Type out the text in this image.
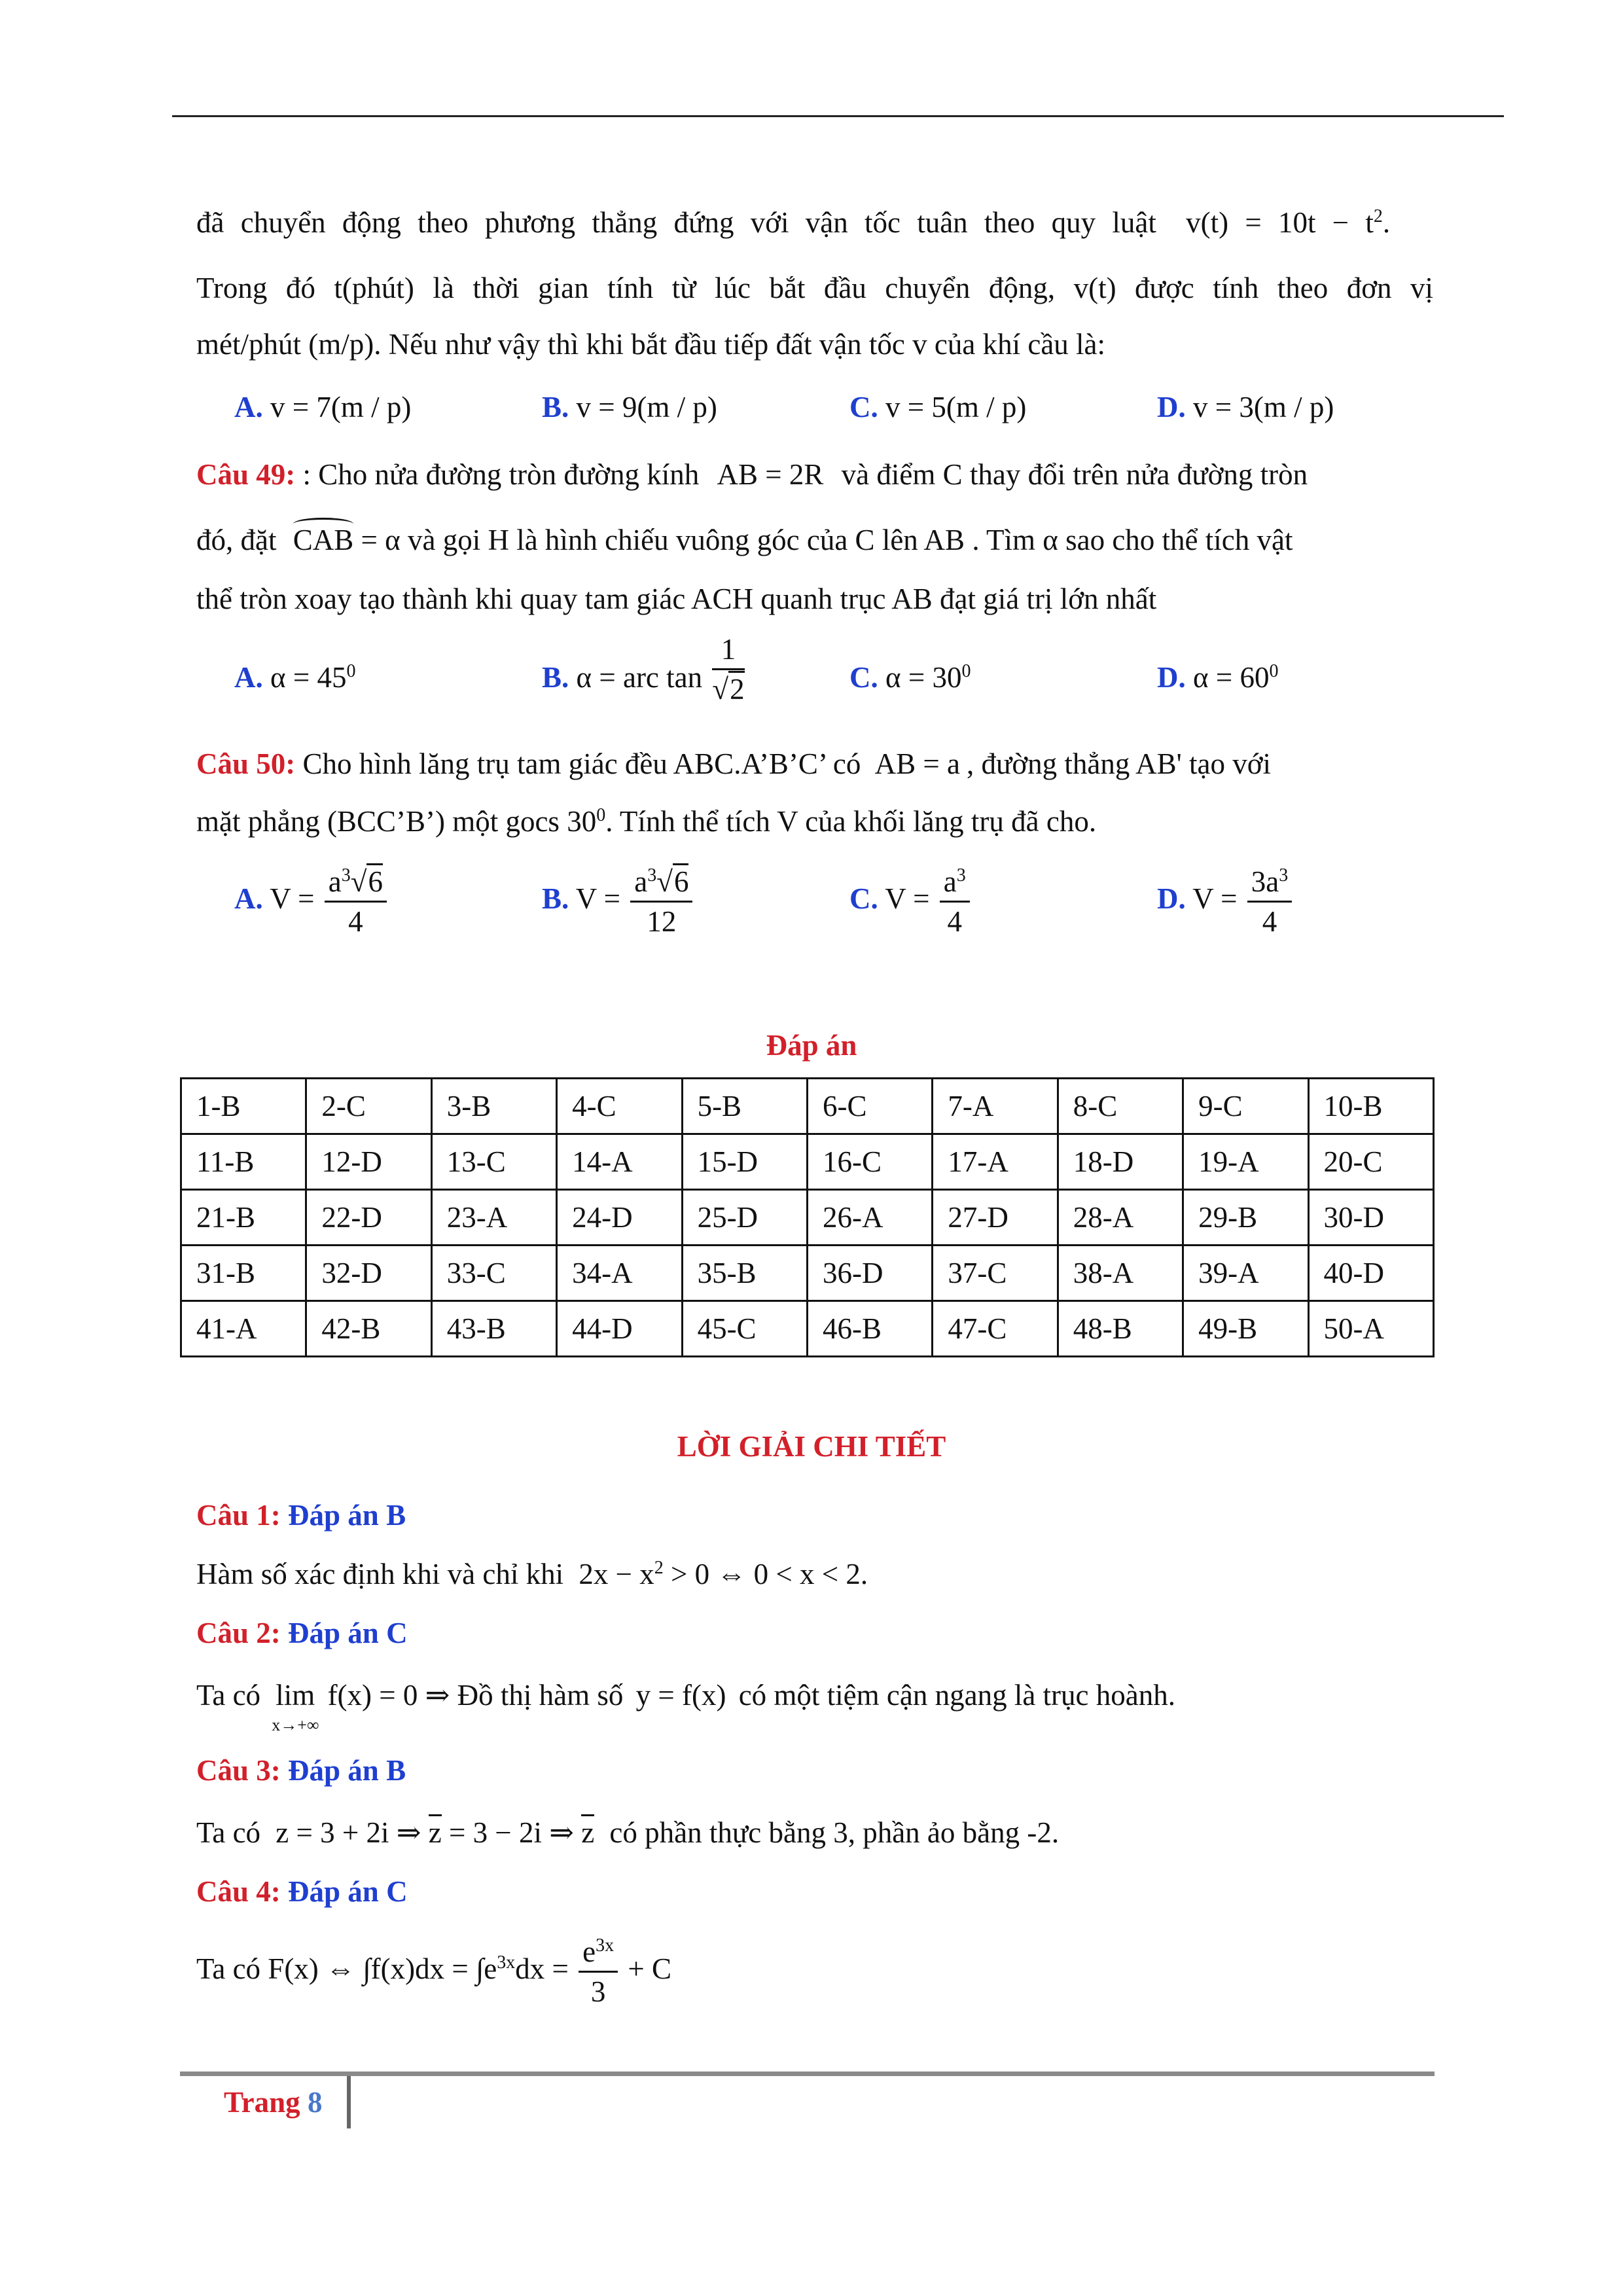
đã chuyển động theo phương thẳng đứng với vận tốc tuân theo quy luật $v(t) = 10t - t^2$.
Trong đó t(phút) là thời gian tính từ lúc bắt đầu chuyển động, v(t) được tính theo đơn vị
mét/phút (m/p). Nếu như vậy thì khi bắt đầu tiếp đất vận tốc v của khí cầu là:
A. v = 7(m / p)	B. v = 9(m / p)	C. v = 5(m / p)	D. v = 3(m / p)
Câu 49: : Cho nửa đường tròn đường kính AB = 2R và điểm C thay đổi trên nửa đường tròn
đó, đặt CAB = α và gọi H là hình chiếu vuông góc của C lên AB . Tìm α sao cho thể tích vật
thể tròn xoay tạo thành khi quay tam giác ACH quanh trục AB đạt giá trị lớn nhất
A. $\alpha = 45^0$	B. α = arc $\tan \frac{1}{√2}$	C. $\alpha = 30^0$	D. $\alpha = 60^0$
Câu 50: Cho hình lăng trụ tam giác đều ABC.A’B’C’ có AB = a , đường thẳng AB' tạo với
mặt phẳng (BCC’B’) một gocs $30^0$. Tính thể tích V của khối lăng trụ đã cho.
A. $V = \frac{a^3√6}{4}$	B. $V = \frac{a^3√6}{12}$	C. $V = \frac{a^3}{4}$	D. $V = \frac{3a^3}{4}$
Đáp án
1-B	2-C	3-B	4-C	5-B	6-C	7-A	8-C	9-C	10-B
11-B	12-D	13-C	14-A	15-D	16-C	17-A	18-D	19-A	20-C
21-B	22-D	23-A	24-D	25-D	26-A	27-D	28-A	29-B	30-D
31-B	32-D	33-C	34-A	35-B	36-D	37-C	38-A	39-A	40-D
41-A	42-B	43-B	44-D	45-C	46-B	47-C	48-B	49-B	50-A
LỜI GIẢI CHI TIẾT
Câu 1: Đáp án B
Hàm số xác định khi và chỉ khi $2x - x^2 > 0$ ⇔ 0 < x < 2.
Câu 2: Đáp án C
Ta có lim
x→+∞
f(x) = 0 ⇒ Đồ thị hàm số y = f(x) có một tiệm cận ngang là trục hoành.
Câu 3: Đáp án B
Ta có z = 3 + 2i ⇒ z = 3 − 2i ⇒ z có phần thực bằng 3, phần ảo bằng -2.
Câu 4: Đáp án C
Ta có F(x) ⇔ $\int f(x)dx = \int e^{3x}dx = \frac{e^{3x}}{3} + C$
Trang 8
